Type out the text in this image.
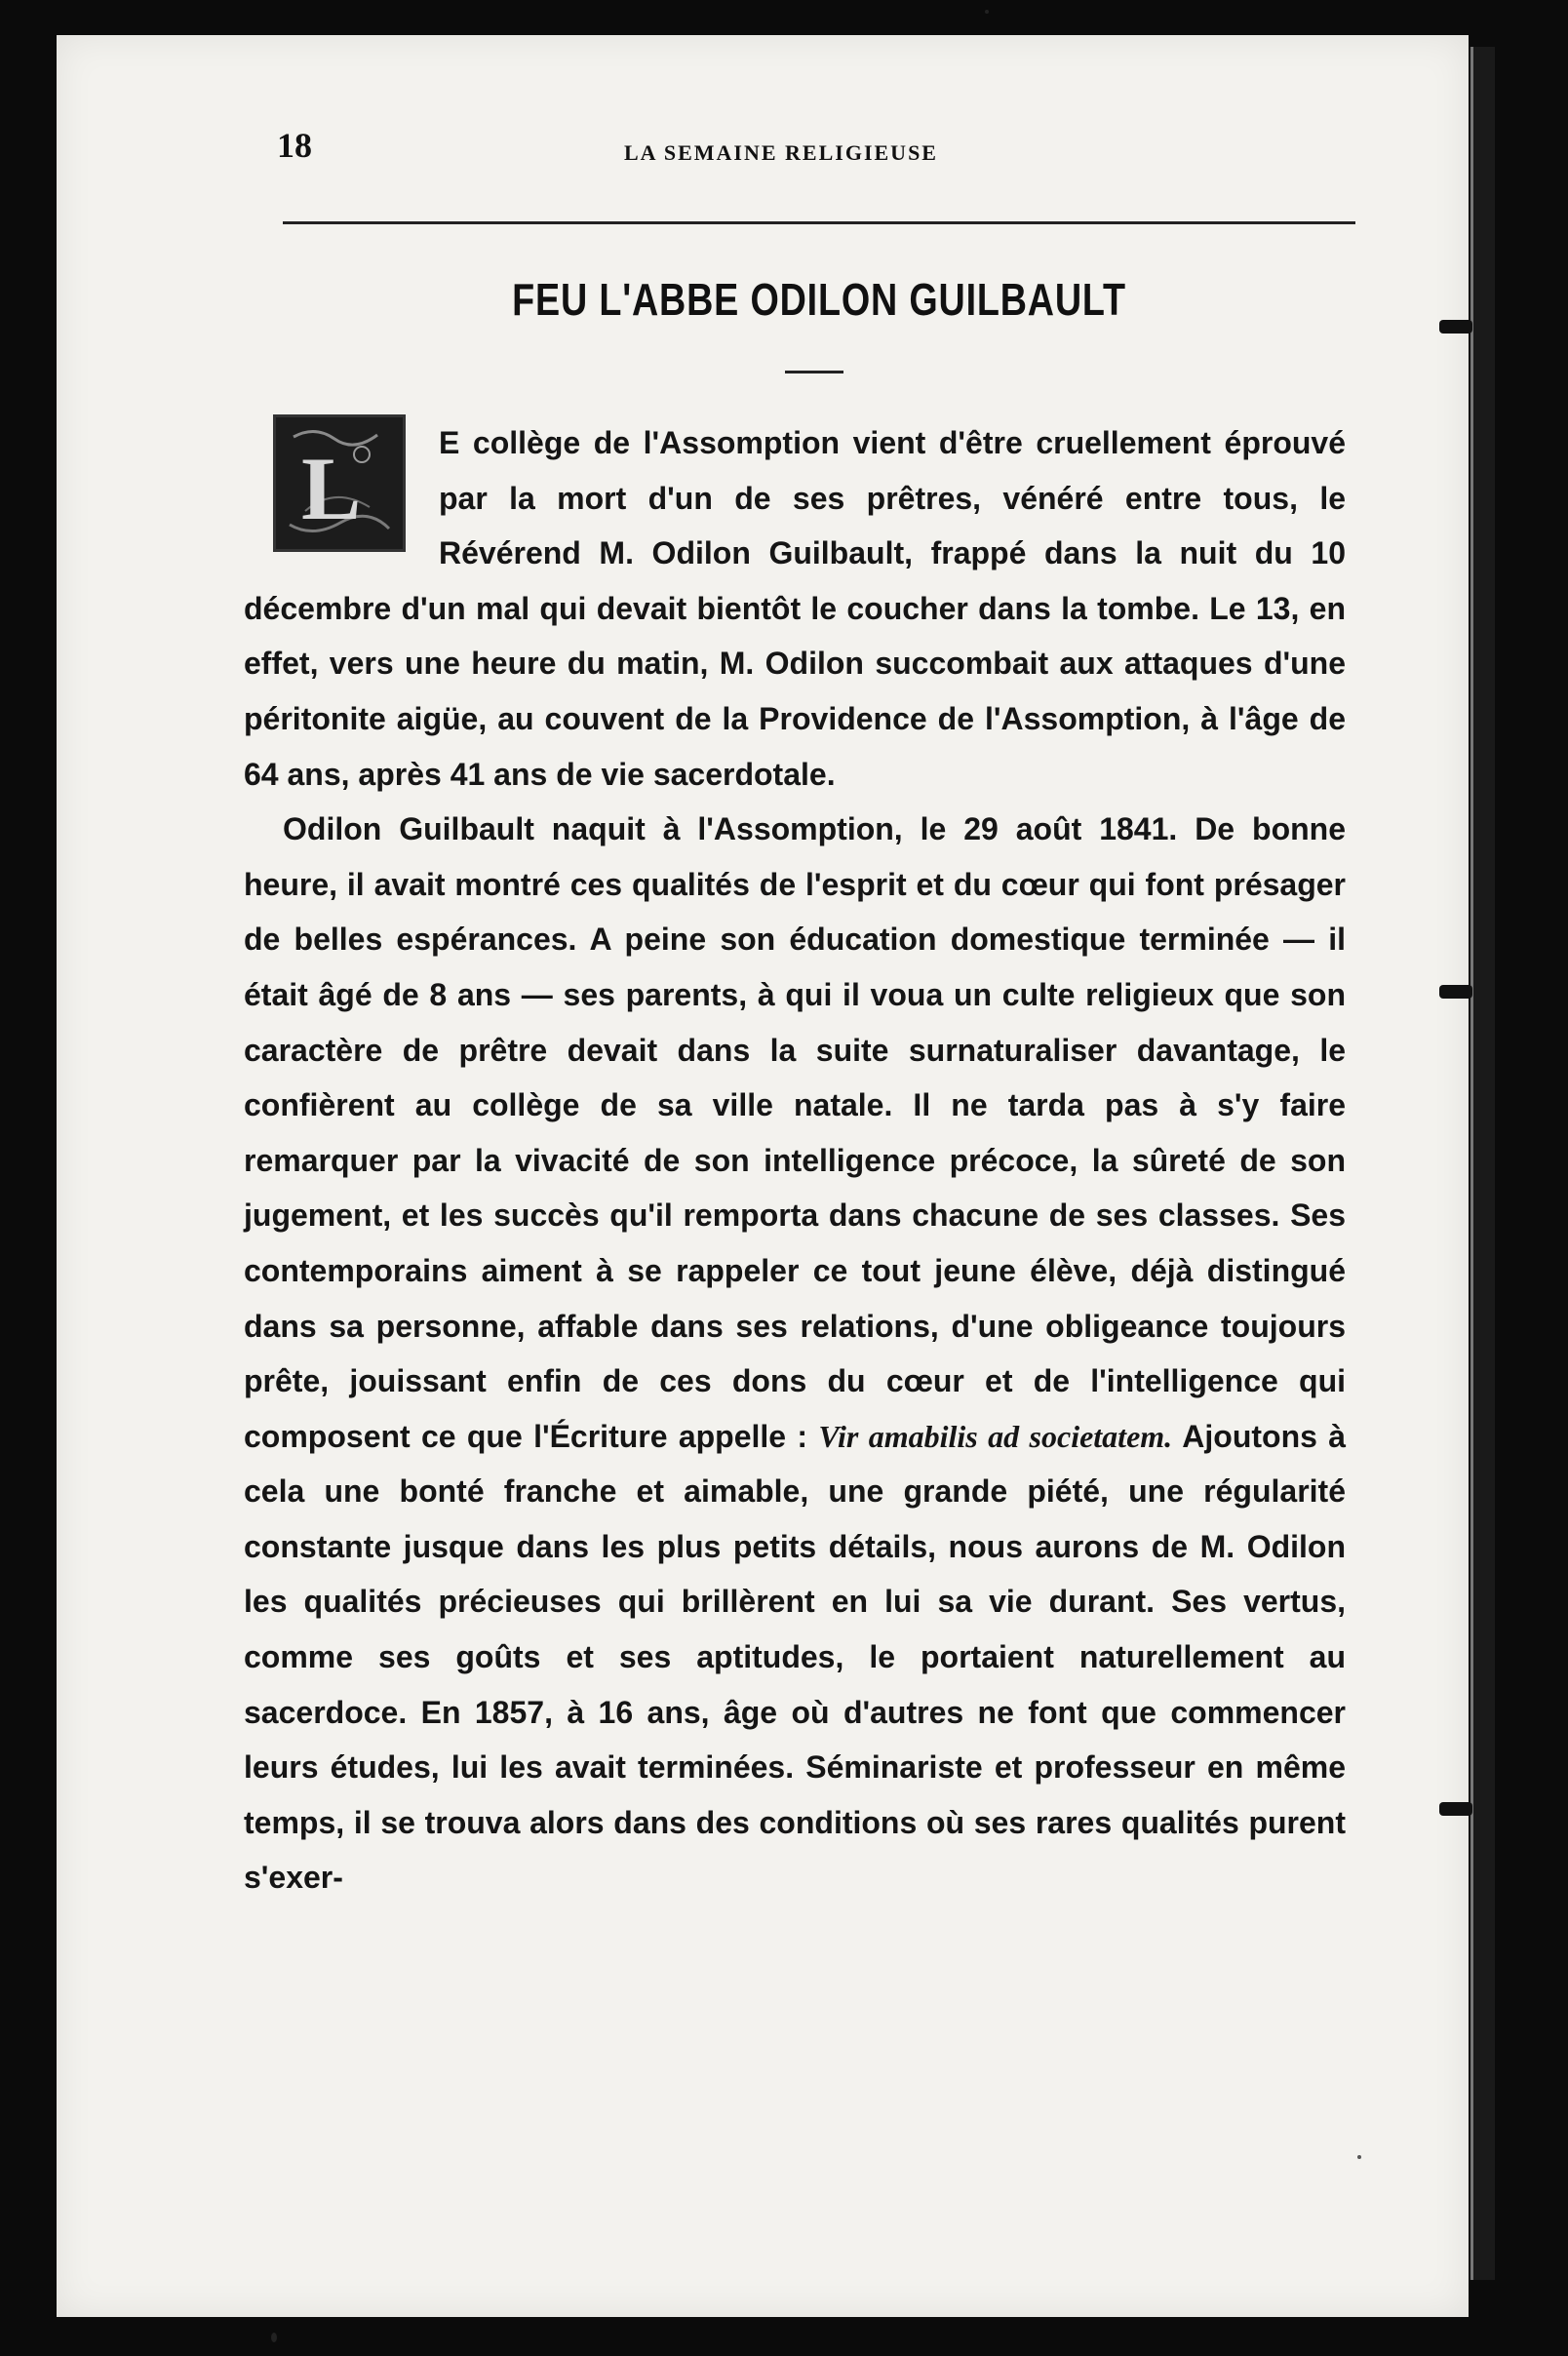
18	LA SEMAINE RELIGIEUSE
FEU L'ABBE ODILON GUILBAULT

E collège de l'Assomption vient d'être cruellement éprouvé par la mort d'un de ses prêtres, vénéré entre tous, le Révérend M. Odilon Guilbault, frappé dans la nuit du 10 décembre d'un mal qui devait bientôt le coucher dans la tombe. Le 13, en effet, vers une heure du matin, M. Odilon succombait aux attaques d'une péritonite aigüe, au couvent de la Providence de l'Assomption, à l'âge de 64 ans, après 41 ans de vie sacerdotale.

Odilon Guilbault naquit à l'Assomption, le 29 août 1841. De bonne heure, il avait montré ces qualités de l'esprit et du cœur qui font présager de belles espérances. A peine son éducation domestique terminée — il était âgé de 8 ans — ses parents, à qui il voua un culte religieux que son caractère de prêtre devait dans la suite surnaturaliser davantage, le confièrent au collège de sa ville natale. Il ne tarda pas à s'y faire remarquer par la vivacité de son intelligence précoce, la sûreté de son jugement, et les succès qu'il remporta dans chacune de ses classes. Ses contemporains aiment à se rappeler ce tout jeune élève, déjà distingué dans sa personne, affable dans ses relations, d'une obligeance toujours prête, jouissant enfin de ces dons du cœur et de l'intelligence qui composent ce que l'Écriture appelle : Vir amabilis ad societatem. Ajoutons à cela une bonté franche et aimable, une grande piété, une régularité constante jusque dans les plus petits détails, nous aurons de M. Odilon les qualités précieuses qui brillèrent en lui sa vie durant. Ses vertus, comme ses goûts et ses aptitudes, le portaient naturellement au sacerdoce. En 1857, à 16 ans, âge où d'autres ne font que commencer leurs études, lui les avait terminées. Séminariste et professeur en même temps, il se trouva alors dans des conditions où ses rares qualités purent s'exer-

L
